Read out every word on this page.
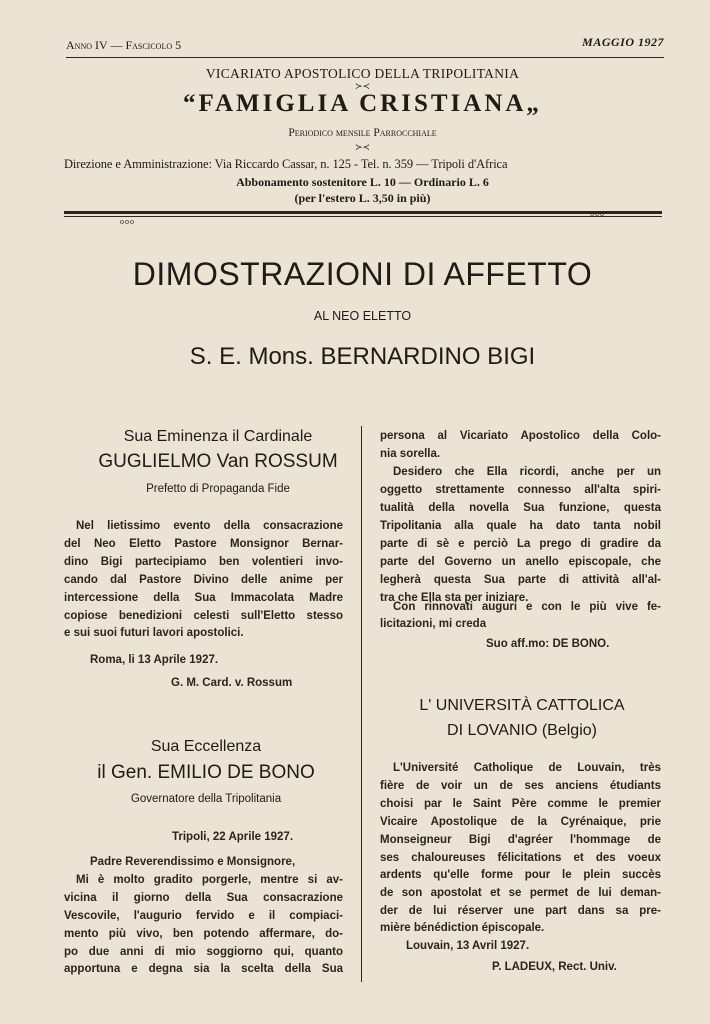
Anno IV — Fascicolo 5	MAGGIO 1927
VICARIATO APOSTOLICO DELLA TRIPOLITANIA
≻≺
“FAMIGLIA CRISTIANA„
Periodico mensile Parrocchiale
≻≺
Direzione e Amministrazione: Via Riccardo Cassar, n. 125 - Tel. n. 359 — Tripoli d'Africa
Abbonamento sostenitore L. 10 — Ordinario L. 6
(per l'estero L. 3,50 in più)
ooo
ooo
DIMOSTRAZIONI DI AFFETTO
AL NEO ELETTO
S. E. Mons. BERNARDINO BIGI
Sua Eminenza il Cardinale
GUGLIELMO Van ROSSUM
Prefetto di Propaganda Fide
Nel lietissimo evento della consacrazione
del Neo Eletto Pastore Monsignor Bernar-
dino Bigi partecipiamo ben volentieri invo-
cando dal Pastore Divino delle anime per
intercessione della Sua Immacolata Madre
copiose benedizioni celesti sull'Eletto stesso
e sui suoi futuri lavori apostolici.
Roma, li 13 Aprile 1927.
G. M. Card. v. Rossum
Sua Eccellenza
il Gen. EMILIO DE BONO
Governatore della Tripolitania
Tripoli, 22 Aprile 1927.
Padre Reverendissimo e Monsignore,
Mi è molto gradito porgerle, mentre si av-
vicina il giorno della Sua consacrazione
Vescovile, l'augurio fervido e il compiaci-
mento più vivo, ben potendo affermare, do-
po due anni di mio soggiorno qui, quanto
apportuna e degna sia la scelta della Sua
persona al Vicariato Apostolico della Colo-
nia sorella.
Desidero che Ella ricordi, anche per un
oggetto strettamente connesso all'alta spiri-
tualità della novella Sua funzione, questa
Tripolitania alla quale ha dato tanta nobil
parte di sè e perciò La prego di gradire da
parte del Governo un anello episcopale, che
legherà questa Sua parte di attività all'al-
tra che Ella sta per iniziare.
Con rinnovati auguri e con le più vive fe-
licitazioni, mi creda
Suo aff.mo: DE BONO.
L' UNIVERSITÀ CATTOLICA
DI LOVANIO (Belgio)
L'Université Catholique de Louvain, très
fière de voir un de ses anciens étudiants
choisi par le Saint Père comme le premier
Vicaire Apostolique de la Cyrénaique, prie
Monseigneur Bigi d'agréer l'hommage de
ses chaloureuses félicitations et des voeux
ardents qu'elle forme pour le plein succès
de son apostolat et se permet de lui deman-
der de lui réserver une part dans sa pre-
mière bénédiction épiscopale.
Louvain, 13 Avril 1927.
P. LADEUX, Rect. Univ.
